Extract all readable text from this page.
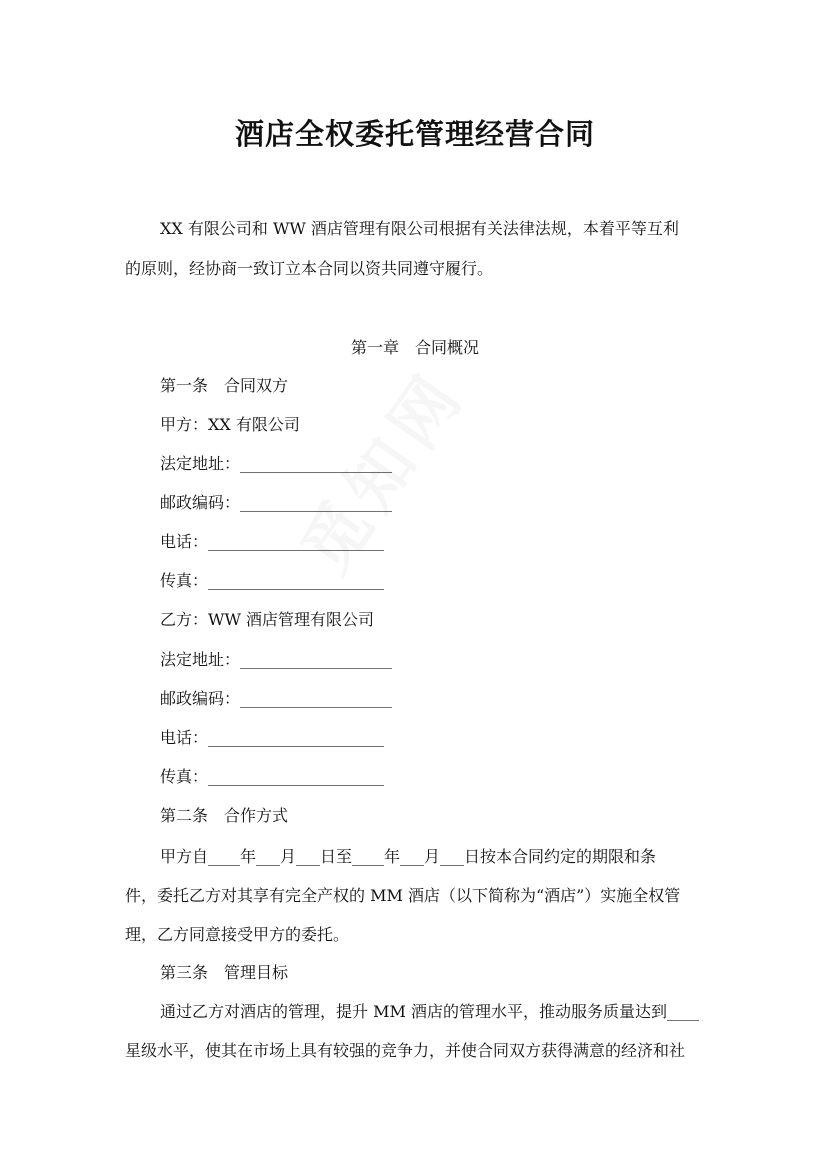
酒店全权委托管理经营合同
XX 有限公司和 WW 酒店管理有限公司根据有关法律法规，本着平等互利
的原则，经协商一致订立本合同以资共同遵守履行。
第一章　合同概况
第一条　合同双方
甲方：XX 有限公司
法定地址：___________________
邮政编码：___________________
电话：______________________
传真：______________________
乙方：WW 酒店管理有限公司
法定地址：___________________
邮政编码：___________________
电话：______________________
传真：______________________
第二条　合作方式
甲方自____年___月___日至____年___月___日按本合同约定的期限和条
件，委托乙方对其享有完全产权的 MM 酒店（以下简称为“酒店”）实施全权管
理，乙方同意接受甲方的委托。
第三条　管理目标
通过乙方对酒店的管理，提升 MM 酒店的管理水平，推动服务质量达到____
星级水平，使其在市场上具有较强的竞争力，并使合同双方获得满意的经济和社
